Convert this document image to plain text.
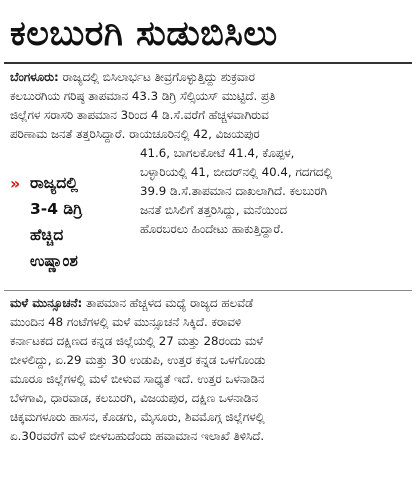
ಕಲಬುರಗಿ ಸುಡುಬಿಸಿಲು
ಬೆಂಗಳೂರು: ರಾಜ್ಯದಲ್ಲಿ ಬಿಸಿಲಾರ್ಭಟ ತೀವ್ರಗೊಳ್ಳುತ್ತಿದ್ದು ಶುಕ್ರವಾರ
ಕಲಬುರಗಿಯ ಗರಿಷ್ಠ ತಾಪಮಾನ 43.3 ಡಿಗ್ರಿ ಸೆಲ್ಸಿಯಸ್ ಮುಟ್ಟಿದೆ. ಪ್ರತಿ
ಜಿಲ್ಲೆಗಳ ಸರಾಸರಿ ತಾಪಮಾನ 3ರಿಂದ 4 ಡಿ.ಸೆ.ವರೆಗೆ ಹೆಚ್ಚಳವಾಗಿರುವ
ಪರಿಣಾಮ ಜನತೆ ತತ್ತರಿಸಿದ್ದಾರೆ. ರಾಯಚೂರಿನಲ್ಲಿ 42, ವಿಜಯಪುರ
» ರಾಜ್ಯದಲ್ಲಿ
3-4 ಡಿಗ್ರಿ
ಹೆಚ್ಚಿದ
ಉಷ್ಣಾಂಶ
41.6, ಬಾಗಲಕೋಟೆ 41.4, ಕೊಪ್ಪಳ,
ಬಳ್ಳಾರಿಯಲ್ಲಿ 41, ಬೀದರ್‌ನಲ್ಲಿ 40.4, ಗದಗದಲ್ಲಿ
39.9 ಡಿ.ಸೆ.ತಾಪಮಾನ ದಾಖಲಾಗಿದೆ. ಕಲಬುರಗಿ
ಜನತೆ ಬಿಸಿಲಿಗೆ ತತ್ತರಿಸಿದ್ದು, ಮನೆಯಿಂದ
ಹೊರಬರಲು ಹಿಂದೇಟು ಹಾಕುತ್ತಿದ್ದಾರೆ.
ಮಳೆ ಮುನ್ಸೂಚನೆ: ತಾಪಮಾನ ಹೆಚ್ಚಳದ ಮಧ್ಯೆ ರಾಜ್ಯದ ಹಲವೆಡೆ
ಮುಂದಿನ 48 ಗಂಟೆಗಳಲ್ಲಿ ಮಳೆ ಮುನ್ಸೂಚನೆ ಸಿಕ್ಕಿದೆ. ಕರಾವಳಿ
ಕರ್ನಾಟಕದ ದಕ್ಷಿಣದ ಕನ್ನಡ ಜಿಲ್ಲೆಯಲ್ಲಿ 27 ಮತ್ತು 28ರಂದು ಮಳೆ
ಬೀಳಲಿದ್ದು, ಏ.29 ಮತ್ತು 30 ಉಡುಪಿ, ಉತ್ತರ ಕನ್ನಡ ಒಳಗೊಂಡು
ಮೂರೂ ಜಿಲ್ಲೆಗಳಲ್ಲಿ ಮಳೆ ಬೀಳುವ ಸಾಧ್ಯತೆ ಇದೆ. ಉತ್ತರ ಒಳನಾಡಿನ
ಬೆಳಗಾವಿ, ಧಾರವಾಡ, ಕಲಬುರಗಿ, ವಿಜಯಪುರ, ದಕ್ಷಿಣ ಒಳನಾಡಿನ
ಚಿಕ್ಕಮಗಳೂರು ಹಾಸನ, ಕೊಡಗು, ಮೈಸೂರು, ಶಿವಮೊಗ್ಗ ಜಿಲ್ಲೆಗಳಲ್ಲಿ
ಏ.30ರವರೆಗೆ ಮಳೆ ಬೀಳಬಹುದೆಂದು ಹವಾಮಾನ ಇಲಾಖೆ ತಿಳಿಸಿದೆ.
